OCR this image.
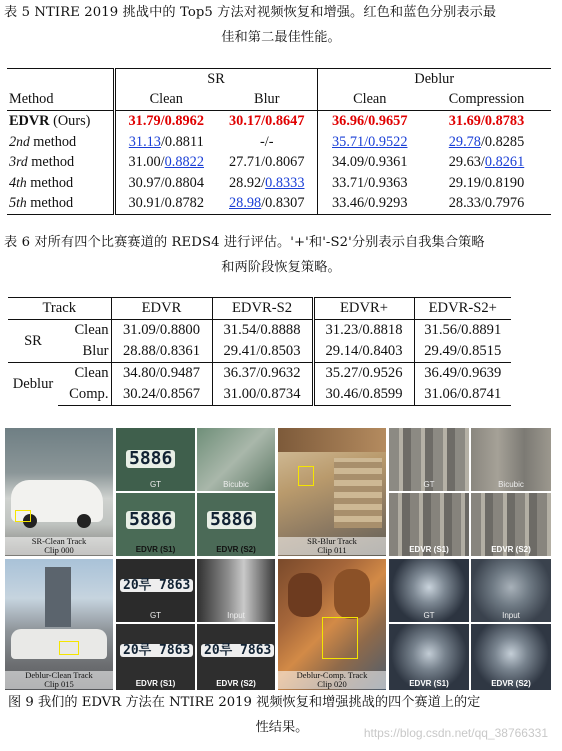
表 5 NTIRE 2019 挑战中的 Top5 方法对视频恢复和增强。红色和蓝色分别表示最
佳和第二最佳性能。
	SR		Deblur	
Method	Clean	Blur	Clean	Compression
EDVR (Ours)	31.79/0.8962	30.17/0.8647	36.96/0.9657	31.69/0.8783
2nd method	31.13/0.8811	-/-	35.71/0.9522	29.78/0.8285
3rd method	31.00/0.8822	27.71/0.8067	34.09/0.9361	29.63/0.8261
4th method	30.97/0.8804	28.92/0.8333	33.71/0.9363	29.19/0.8190
5th method	30.91/0.8782	28.98/0.8307	33.46/0.9293	28.33/0.7976
表 6 对所有四个比赛赛道的 REDS4 进行评估。'+'和'-S2'分别表示自我集合策略
和两阶段恢复策略。
Track		EDVR	EDVR-S2	EDVR+	EDVR-S2+
SR	Clean	31.09/0.8800	31.54/0.8888	31.23/0.8818	31.56/0.8891
	Blur	28.88/0.8361	29.41/0.8503	29.14/0.8403	29.49/0.8515
Deblur	Clean	34.80/0.9487	36.37/0.9632	35.27/0.9526	36.49/0.9639
	Comp.	30.24/0.8567	31.00/0.8734	30.46/0.8599	31.06/0.8741
SR-Clean Track
Clip 000
5886
GT	Bicubic
5886
EDVR (S1)
5886
EDVR (S2)
SR-Blur Track
Clip 011
GT	Bicubic
EDVR (S1)	EDVR (S2)
Deblur-Clean Track
Clip 015
20루 7863
GT	Input
20루 7863
EDVR (S1)
20루 7863
EDVR (S2)
Deblur-Comp. Track
Clip 020
GT	Input
EDVR (S1)	EDVR (S2)
图 9 我们的 EDVR 方法在 NTIRE 2019 视频恢复和增强挑战的四个赛道上的定
性结果。	https://blog.csdn.net/qq_38766331
